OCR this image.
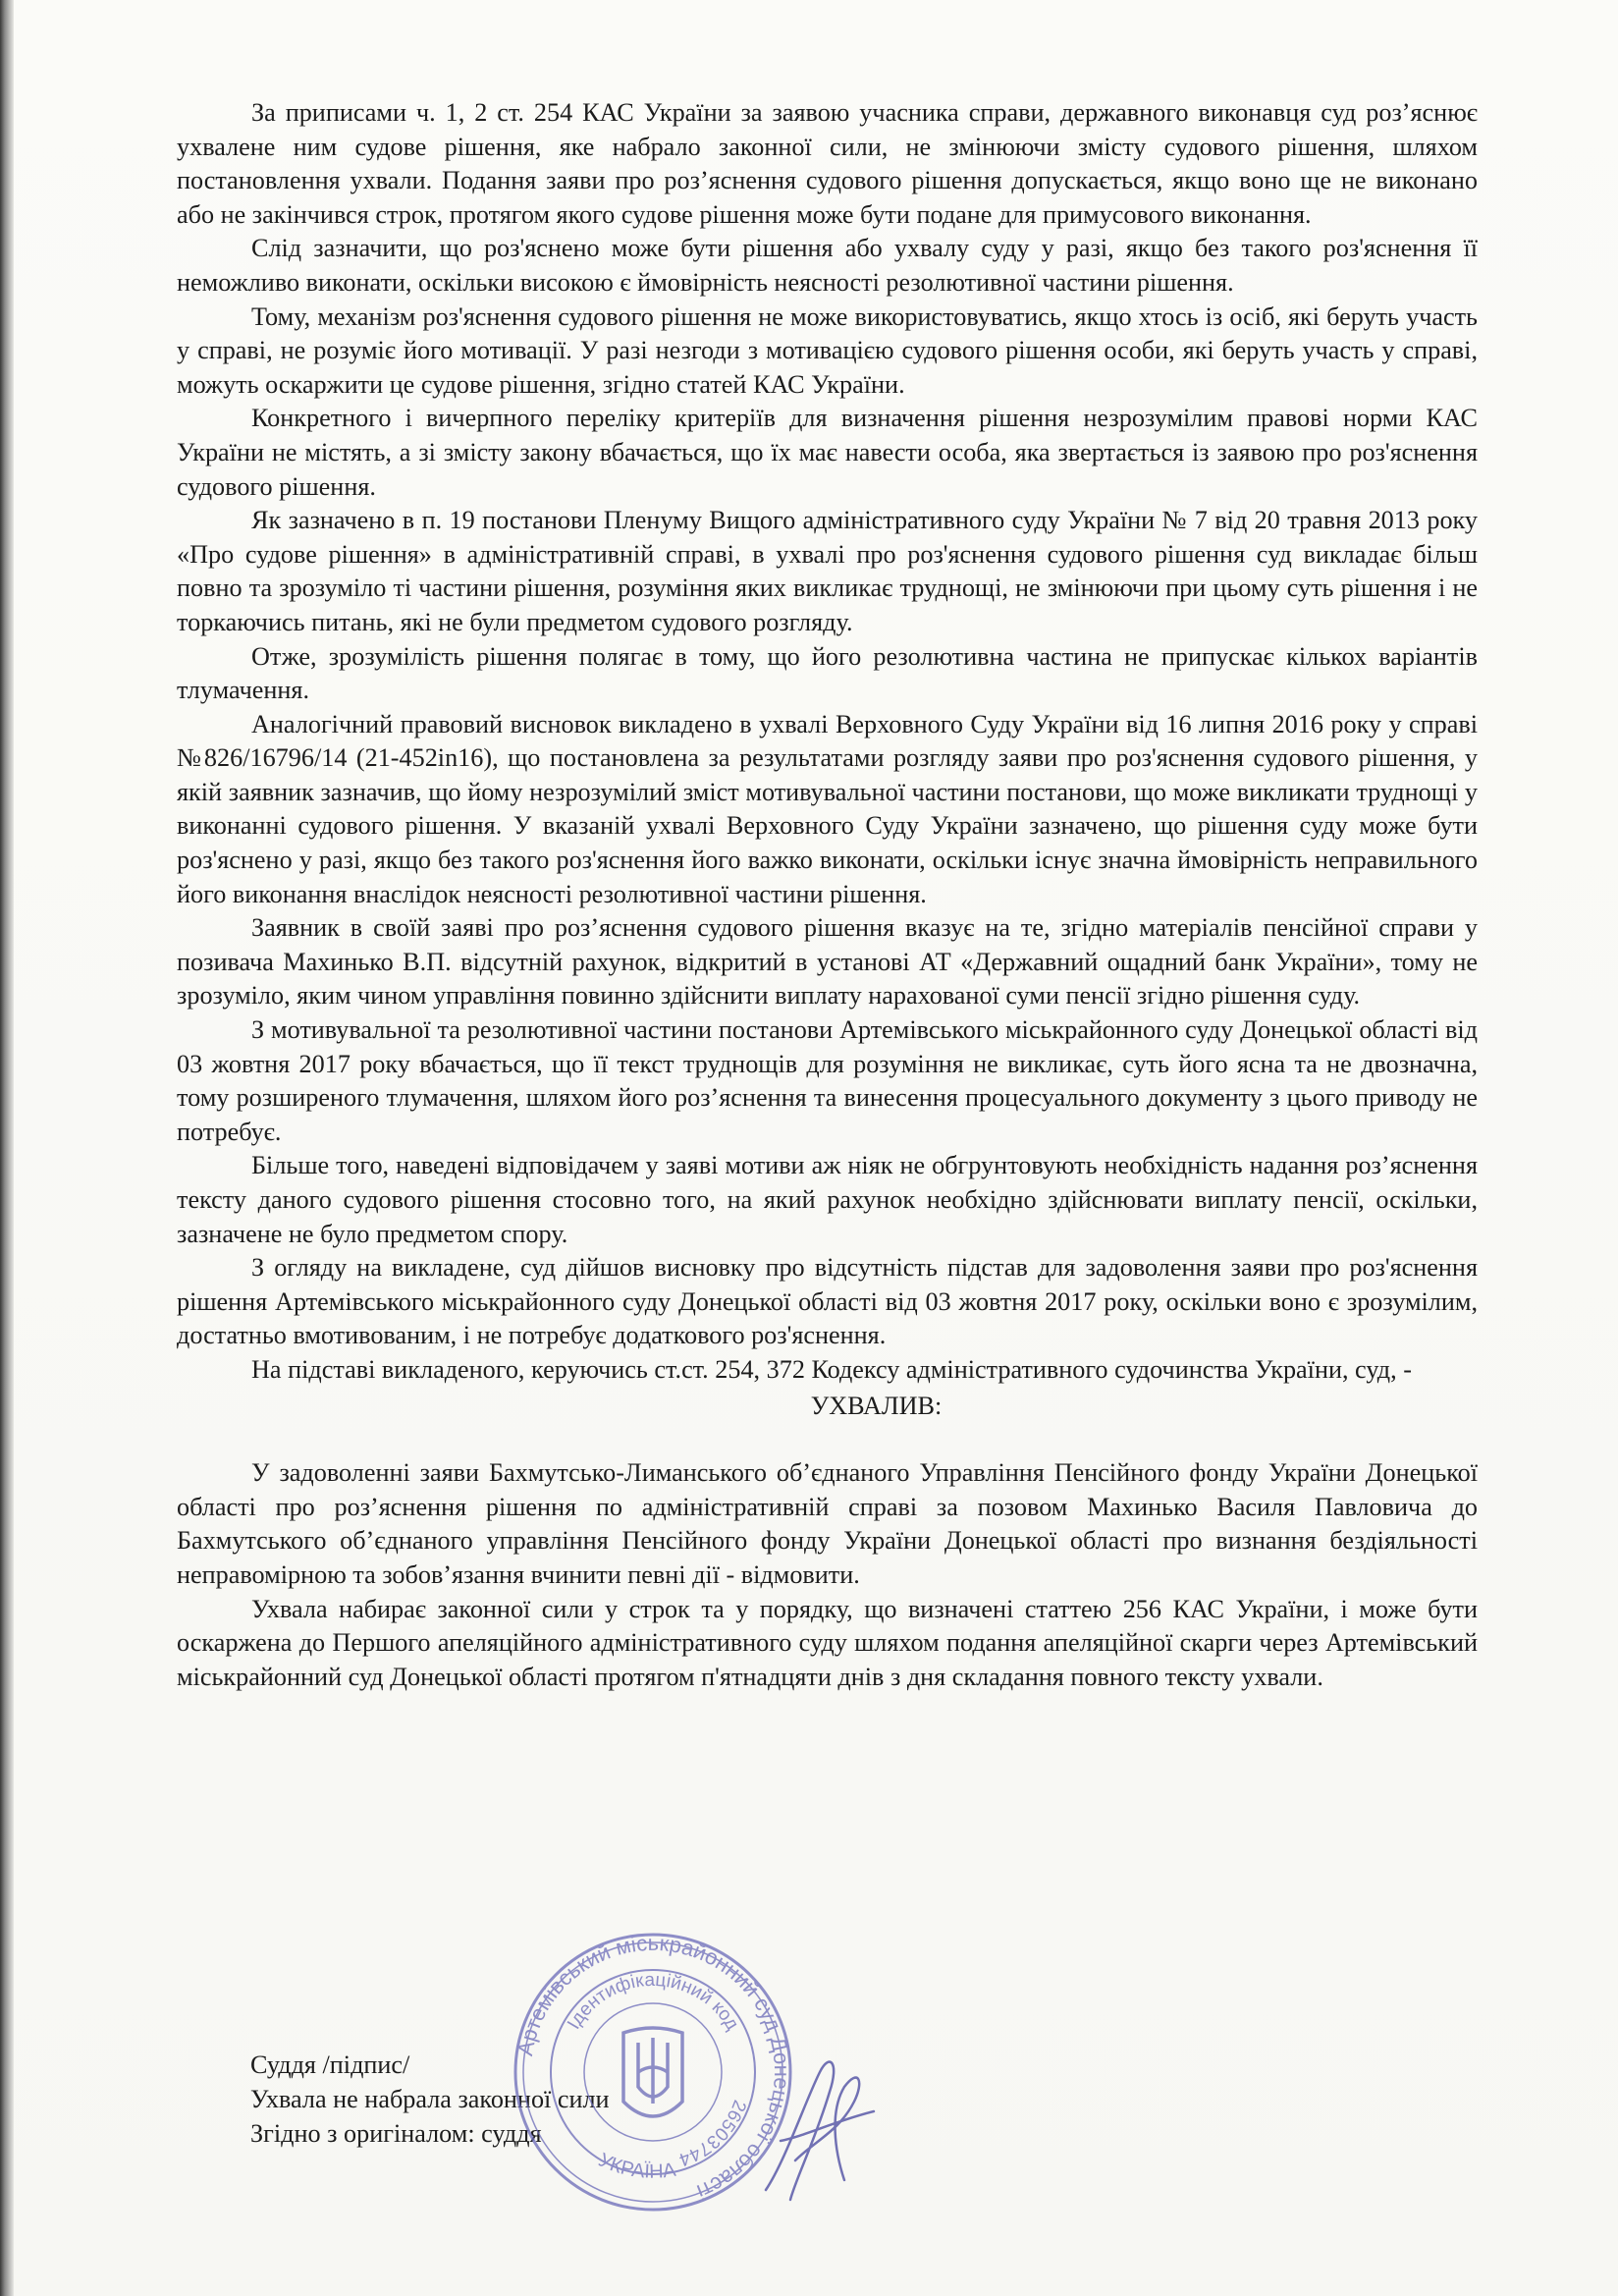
За приписами ч. 1, 2 ст. 254 КАС України за заявою учасника справи, державного виконавця суд роз’яснює ухвалене ним судове рішення, яке набрало законної сили, не змінюючи змісту судового рішення, шляхом постановлення ухвали. Подання заяви про роз’яснення судового рішення допускається, якщо воно ще не виконано або не закінчився строк, протягом якого судове рішення може бути подане для примусового виконання.

Слід зазначити, що роз'яснено може бути рішення або ухвалу суду у разі, якщо без такого роз'яснення її неможливо виконати, оскільки високою є ймовірність неясності резолютивної частини рішення.

Тому, механізм роз'яснення судового рішення не може використовуватись, якщо хтось із осіб, які беруть участь у справі, не розуміє його мотивації. У разі незгоди з мотивацією судового рішення особи, які беруть участь у справі, можуть оскаржити це судове рішення, згідно статей КАС України.

Конкретного і вичерпного переліку критеріїв для визначення рішення незрозумілим правові норми КАС України не містять, а зі змісту закону вбачається, що їх має навести особа, яка звертається із заявою про роз'яснення судового рішення.

Як зазначено в п. 19 постанови Пленуму Вищого адміністративного суду України № 7 від 20 травня 2013 року «Про судове рішення» в адміністративній справі, в ухвалі про роз'яснення судового рішення суд викладає більш повно та зрозуміло ті частини рішення, розуміння яких викликає труднощі, не змінюючи при цьому суть рішення і не торкаючись питань, які не були предметом судового розгляду.

Отже, зрозумілість рішення полягає в тому, що його резолютивна частина не припускає кількох варіантів тлумачення.

Аналогічний правовий висновок викладено в ухвалі Верховного Суду України від 16 липня 2016 року у справі №826/16796/14 (21-452in16), що постановлена за результатами розгляду заяви про роз'яснення судового рішення, у якій заявник зазначив, що йому незрозумілий зміст мотивувальної частини постанови, що може викликати труднощі у виконанні судового рішення. У вказаній ухвалі Верховного Суду України зазначено, що рішення суду може бути роз'яснено у разі, якщо без такого роз'яснення його важко виконати, оскільки існує значна ймовірність неправильного його виконання внаслідок неясності резолютивної частини рішення.

Заявник в своїй заяві про роз’яснення судового рішення вказує на те, згідно матеріалів пенсійної справи у позивача Махинько В.П. відсутній рахунок, відкритий в установі АТ «Державний ощадний банк України», тому не зрозуміло, яким чином управління повинно здійснити виплату нарахованої суми пенсії згідно рішення суду.

З мотивувальної та резолютивної частини постанови Артемівського міськрайонного суду Донецької області від 03 жовтня 2017 року вбачається, що її текст труднощів для розуміння не викликає, суть його ясна та не двозначна, тому розширеного тлумачення, шляхом його роз’яснення та винесення процесуального документу з цього приводу не потребує.

Більше того, наведені відповідачем у заяві мотиви аж ніяк не обгрунтовують необхідність надання роз’яснення тексту даного судового рішення стосовно того, на який рахунок необхідно здійснювати виплату пенсії, оскільки, зазначене не було предметом спору.

З огляду на викладене, суд дійшов висновку про відсутність підстав для задоволення заяви про роз'яснення рішення Артемівського міськрайонного суду Донецької області від 03 жовтня 2017 року, оскільки воно є зрозумілим, достатньо вмотивованим, і не потребує додаткового роз'яснення.

На підставі викладеного, керуючись ст.ст. 254, 372 Кодексу адміністративного судочинства України, суд, -

УХВАЛИВ:

У задоволенні заяви Бахмутсько-Лиманського об’єднаного Управління Пенсійного фонду України Донецької області про роз’яснення рішення по адміністративній справі за позовом Махинько Василя Павловича до Бахмутського об’єднаного управління Пенсійного фонду України Донецької області про визнання бездіяльності неправомірною та зобов’язання вчинити певні дії - відмовити.

Ухвала набирає законної сили у строк та у порядку, що визначені статтею 256 КАС України, і може бути оскаржена до Першого апеляційного адміністративного суду шляхом подання апеляційної скарги через Артемівський міськрайонний суд Донецької області протягом п'ятнадцяти днів з дня складання повного тексту ухвали.

Суддя /підпис/
Ухвала не набрала законної сили
Згідно з оригіналом: суддя
Артемівський міськрайонний суд Донецької області
Ідентифікаційний код
26503744
УКРАЇНА
